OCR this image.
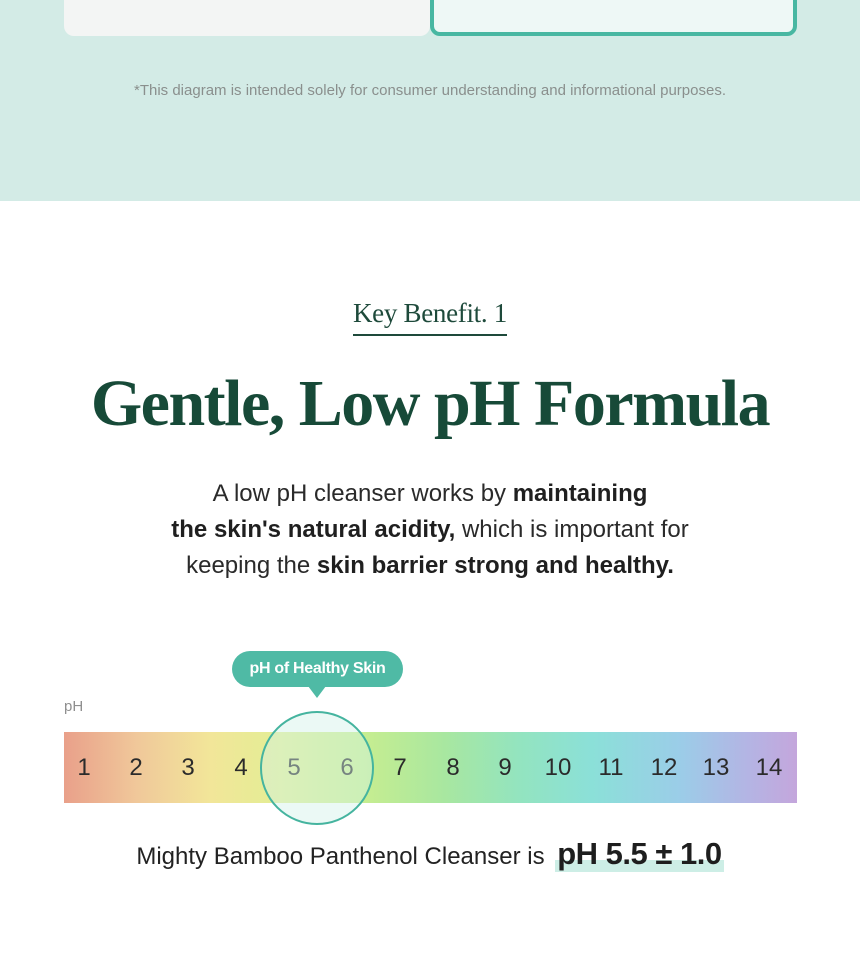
*This diagram is intended solely for consumer understanding and informational purposes.

Key Benefit. 1
Gentle, Low pH Formula

A low pH cleanser works by maintaining
the skin's natural acidity, which is important for
keeping the skin barrier strong and healthy.

pH of Healthy Skin
pH
1	2	3	4	5	6	7	8	9	10	11	12 13 14

Mighty Bamboo Panthenol Cleanser is pH 5.5 ± 1.0
